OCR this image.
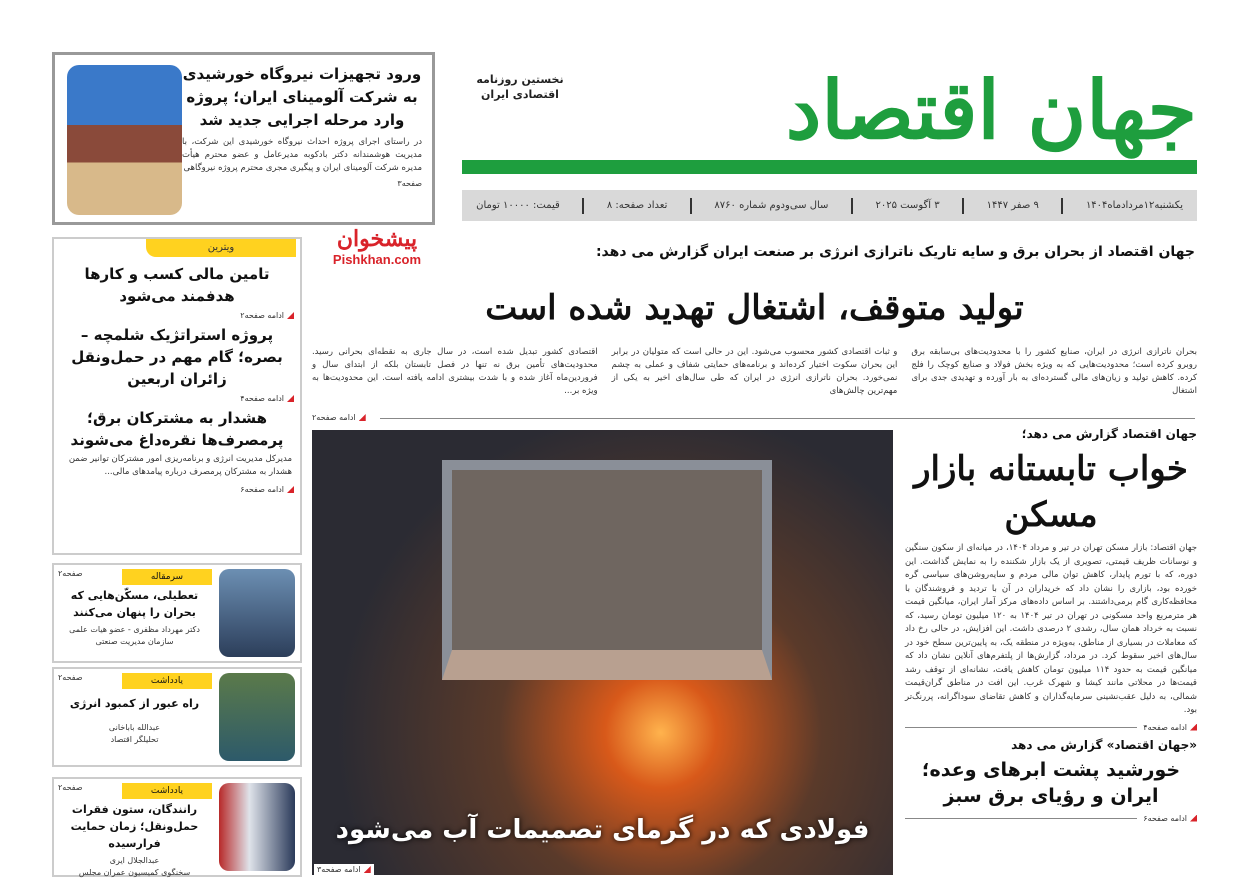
جهان اقتصاد
نخستین روزنامه
اقتصادی ایران
یکشنبه۱۲مردادماه۱۴۰۴
۹ صفر ۱۴۴۷
۳ آگوست ۲۰۲۵
سال سی‌ودوم شماره ۸۷۶۰
تعداد صفحه: ۸
قیمت: ۱۰۰۰۰ تومان
ورود تجهیزات نیروگاه خورشیدی به شرکت آلومینای ایران؛ پروژه وارد مرحله اجرایی جدید شد

در راستای اجرای پروژه احداث نیروگاه خورشیدی این شرکت، با مدیریت هوشمندانه دکتر بادکوبه مدیرعامل و عضو محترم هیأت مدیره شرکت آلومینای ایران و پیگیری مجری محترم پروژه نیروگاهی

صفحه۳
پیشخوان
Pishkhan.com	جهان اقتصاد از بحران برق و سایه تاریک ناترازی انرژی بر صنعت ایران گزارش می دهد:
تولید متوقف، اشتغال تهدید شده است
بحران ناترازی انرژی در ایران، صنایع کشور را با محدودیت‌های بی‌سابقه برق روبرو کرده است؛ محدودیت‌هایی که به ویژه بخش فولاد و صنایع کوچک را فلج کرده. کاهش تولید و زیان‌های مالی گسترده‌ای به بار آورده و تهدیدی جدی برای اشتغال
و ثبات اقتصادی کشور محسوب می‌شود. این در حالی است که متولیان در برابر این بحران سکوت اختیار کرده‌اند و برنامه‌های حمایتی شفاف و عملی به چشم نمی‌خورد. بحران ناترازی انرژی در ایران که طی سال‌های اخیر به یکی از مهم‌ترین چالش‌های
اقتصادی کشور تبدیل شده است، در سال جاری به نقطه‌ای بحرانی رسید. محدودیت‌های تأمین برق نه تنها در فصل تابستان بلکه از ابتدای سال و فروردین‌ماه آغاز شده و با شدت بیشتری ادامه یافته است. این محدودیت‌ها به ویژه بر...
ادامه صفحه۲
ویترین
تامین مالی کسب و کارها هدفمند می‌شود
ادامه صفحه۲
پروژه استراتژیک شلمچه – بصره؛ گام مهم در حمل‌ونقل زائران اربعین
ادامه صفحه۴
هشدار به مشترکان برق؛ پرمصرف‌ها نقره‌داغ می‌شوند

مدیرکل مدیریت انرژی و برنامه‌ریزی امور مشترکان توانیر ضمن هشدار به مشترکان پرمصرف درباره پیامدهای مالی...

ادامه صفحه۶
سرمقاله
تعطیلی، مسکّن‌هایی که بحران را پنهان می‌کنند
دکتر مهرداد مظفری - عضو هیات علمی سازمان مدیریت صنعتی
صفحه۲
یادداشت
راه عبور از کمبود انرژی
عبدالله باباخانی
تحلیلگر اقتصاد
صفحه۲
یادداشت
رانندگان، ستون فقرات حمل‌ونقل؛ زمان حمایت فرارسیده
عبدالجلال ایری
سخنگوی کمیسیون عمران مجلس
صفحه۲
فولادی که در گرمای تصمیمات آب می‌شود
ادامه صفحه۳
جهان اقتصاد گزارش می دهد؛
خواب تابستانه بازار مسکن
جهان اقتصاد: بازار مسکن تهران در تیر و مرداد ۱۴۰۴، در میانه‌ای از سکون سنگین و نوسانات ظریف قیمتی، تصویری از یک بازار شکننده را به نمایش گذاشت. این دوره، که با تورم پایدار، کاهش توان مالی مردم و سایه‌روشن‌های سیاسی گره خورده بود، بازاری را نشان داد که خریداران در آن با تردید و فروشندگان با محافظه‌کاری گام برمی‌داشتند. بر اساس داده‌های مرکز آمار ایران، میانگین قیمت هر مترمربع واحد مسکونی در تهران در تیر ۱۴۰۴ به ۱۲۰ میلیون تومان رسید، که نسبت به خرداد همان سال، رشدی ۲ درصدی داشت. این افزایش، در حالی رخ داد که معاملات در بسیاری از مناطق، به‌ویژه در منطقه یک، به پایین‌ترین سطح خود در سال‌های اخیر سقوط کرد. در مرداد، گزارش‌ها از پلتفرم‌های آنلاین نشان داد که میانگین قیمت به حدود ۱۱۴ میلیون تومان کاهش یافت، نشانه‌ای از توقف رشد قیمت‌ها در محلاتی مانند کیشا و شهرک غرب. این افت در مناطق گران‌قیمت شمالی، به دلیل عقب‌نشینی سرمایه‌گذاران و کاهش تقاضای سوداگرانه، پررنگ‌تر بود.
ادامه صفحه۴
«جهان اقتصاد» گزارش می دهد
خورشید پشت ابرهای وعده؛ ایران و رؤیای برق سبز
ادامه صفحه۶
